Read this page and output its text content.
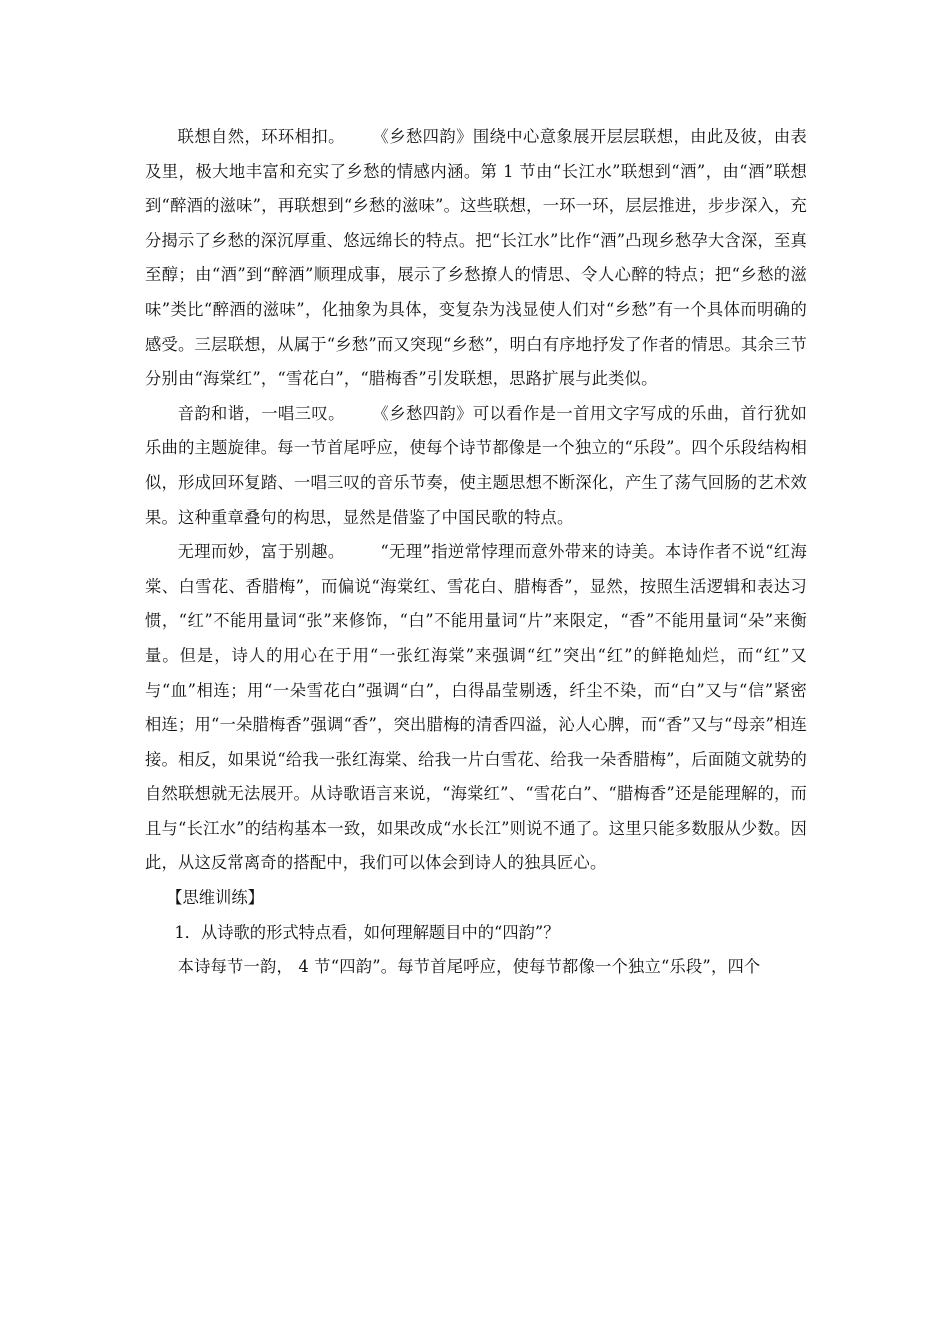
联想自然，环环相扣。 《乡愁四韵》围绕中心意象展开层层联想，由此及彼，由表及里，极大地丰富和充实了乡愁的情感内涵。第 1 节由“长江水”联想到“酒”，由“酒”联想到“醉酒的滋味”，再联想到“乡愁的滋味”。这些联想，一环一环，层层推进，步步深入，充分揭示了乡愁的深沉厚重、悠远绵长的特点。把“长江水”比作“酒”凸现乡愁孕大含深，至真至醇；由“酒”到“醉酒”顺理成事，展示了乡愁撩人的情思、令人心醉的特点；把“乡愁的滋味”类比“醉酒的滋味”，化抽象为具体，变复杂为浅显使人们对“乡愁”有一个具体而明确的感受。三层联想，从属于“乡愁”而又突现“乡愁”，明白有序地抒发了作者的情思。其余三节分别由“海棠红”，“雪花白”，“腊梅香”引发联想，思路扩展与此类似。

音韵和谐，一唱三叹。 《乡愁四韵》可以看作是一首用文字写成的乐曲，首行犹如乐曲的主题旋律。每一节首尾呼应，使每个诗节都像是一个独立的“乐段”。四个乐段结构相似，形成回环复踏、一唱三叹的音乐节奏，使主题思想不断深化，产生了荡气回肠的艺术效果。这种重章叠句的构思，显然是借鉴了中国民歌的特点。

无理而妙，富于别趣。 “无理”指逆常悖理而意外带来的诗美。本诗作者不说“红海棠、白雪花、香腊梅”，而偏说“海棠红、雪花白、腊梅香”，显然，按照生活逻辑和表达习惯，“红”不能用量词“张”来修饰，“白”不能用量词“片”来限定，“香”不能用量词“朵”来衡量。但是，诗人的用心在于用“一张红海棠”来强调“红”突出“红”的鲜艳灿烂，而“红”又与“血”相连；用“一朵雪花白”强调“白”，白得晶莹剔透，纤尘不染，而“白”又与“信”紧密相连；用“一朵腊梅香”强调“香”，突出腊梅的清香四溢，沁人心脾，而“香”又与“母亲”相连接。相反，如果说“给我一张红海棠、给我一片白雪花、给我一朵香腊梅”，后面随文就势的自然联想就无法展开。从诗歌语言来说，“海棠红”、“雪花白”、“腊梅香”还是能理解的，而且与“长江水”的结构基本一致，如果改成“水长江”则说不通了。这里只能多数服从少数。因此，从这反常离奇的搭配中，我们可以体会到诗人的独具匠心。

【思维训练】

1．从诗歌的形式特点看，如何理解题目中的“四韵”？

本诗每节一韵， 4 节“四韵”。每节首尾呼应，使每节都像一个独立“乐段”，四个
